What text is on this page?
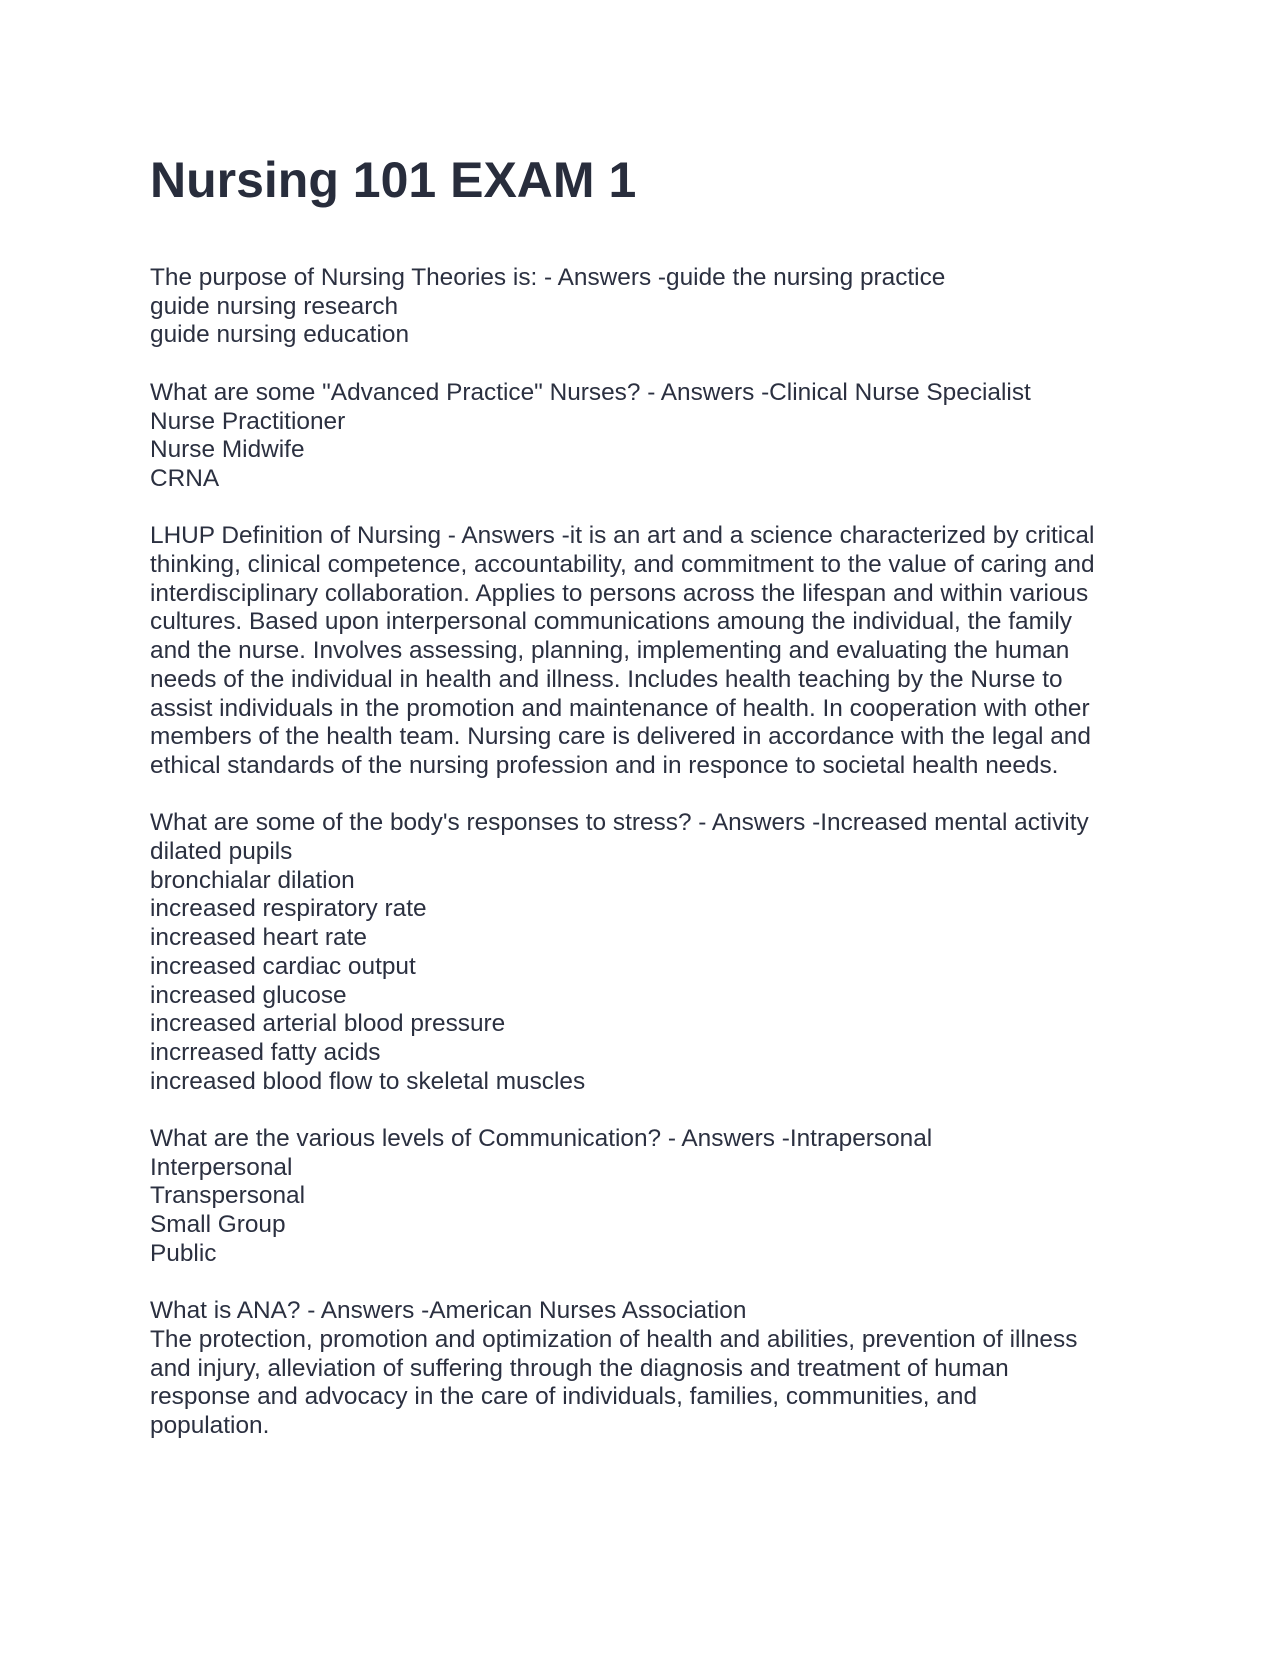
Nursing 101 EXAM 1
The purpose of Nursing Theories is: - Answers -guide the nursing practice
guide nursing research
guide nursing education
What are some "Advanced Practice" Nurses? - Answers -Clinical Nurse Specialist
Nurse Practitioner
Nurse Midwife
CRNA
LHUP Definition of Nursing - Answers -it is an art and a science characterized by critical
thinking, clinical competence, accountability, and commitment to the value of caring and
interdisciplinary collaboration. Applies to persons across the lifespan and within various
cultures. Based upon interpersonal communications amoung the individual, the family
and the nurse. Involves assessing, planning, implementing and evaluating the human
needs of the individual in health and illness. Includes health teaching by the Nurse to
assist individuals in the promotion and maintenance of health. In cooperation with other
members of the health team. Nursing care is delivered in accordance with the legal and
ethical standards of the nursing profession and in responce to societal health needs.
What are some of the body's responses to stress? - Answers -Increased mental activity
dilated pupils
bronchialar dilation
increased respiratory rate
increased heart rate
increased cardiac output
increased glucose
increased arterial blood pressure
incrreased fatty acids
increased blood flow to skeletal muscles
What are the various levels of Communication? - Answers -Intrapersonal
Interpersonal
Transpersonal
Small Group
Public
What is ANA? - Answers -American Nurses Association
The protection, promotion and optimization of health and abilities, prevention of illness
and injury, alleviation of suffering through the diagnosis and treatment of human
response and advocacy in the care of individuals, families, communities, and
population.
